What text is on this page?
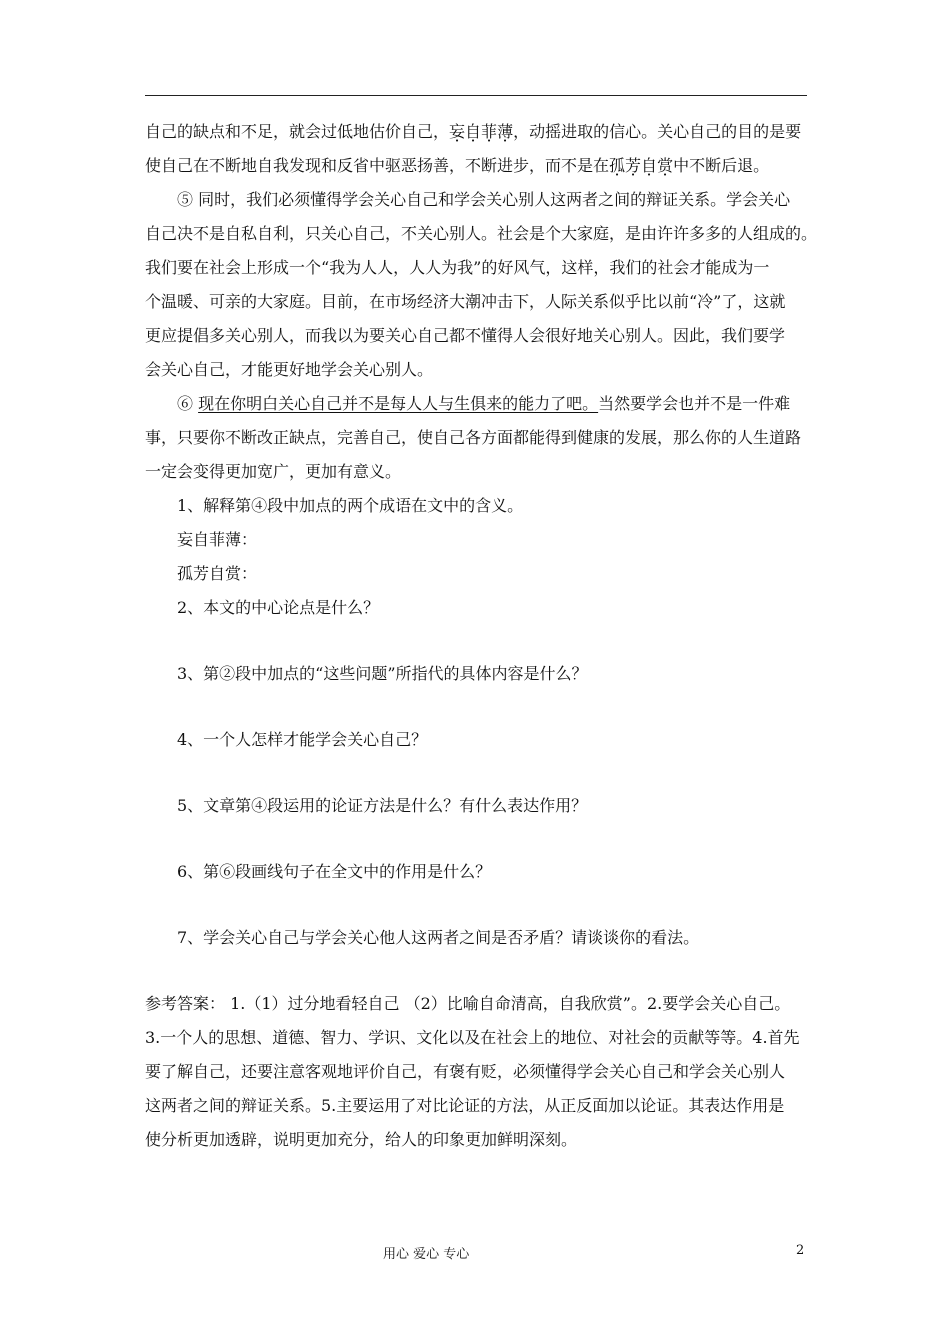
自己的缺点和不足，就会过低地估价自己，妄自菲薄，动摇进取的信心。关心自己的目的是要
使自己在不断地自我发现和反省中驱恶扬善，不断进步，而不是在孤芳自赏中不断后退。
⑤ 同时，我们必须懂得学会关心自己和学会关心别人这两者之间的辩证关系。学会关心
自己决不是自私自利，只关心自己，不关心别人。社会是个大家庭，是由许许多多的人组成的。
我们要在社会上形成一个“我为人人，人人为我”的好风气，这样，我们的社会才能成为一
个温暖、可亲的大家庭。目前，在市场经济大潮冲击下，人际关系似乎比以前“冷”了，这就
更应提倡多关心别人，而我以为要关心自己都不懂得人会很好地关心别人。因此，我们要学
会关心自己，才能更好地学会关心别人。
⑥ 现在你明白关心自己并不是每人人与生俱来的能力了吧。当然要学会也并不是一件难
事，只要你不断改正缺点，完善自己，使自己各方面都能得到健康的发展，那么你的人生道路
一定会变得更加宽广，更加有意义。
1、解释第④段中加点的两个成语在文中的含义。
妄自菲薄：
孤芳自赏：
2、本文的中心论点是什么？
3、第②段中加点的“这些问题”所指代的具体内容是什么？
4、一个人怎样才能学会关心自己？
5、文章第④段运用的论证方法是什么？有什么表达作用？
6、第⑥段画线句子在全文中的作用是什么？
7、学会关心自己与学会关心他人这两者之间是否矛盾？请谈谈你的看法。
参考答案： 1.（1）过分地看轻自己 （2）比喻自命清高，自我欣赏”。2.要学会关心自己。
3.一个人的思想、道德、智力、学识、文化以及在社会上的地位、对社会的贡献等等。4.首先
要了解自己，还要注意客观地评价自己，有褒有贬，必须懂得学会关心自己和学会关心别人
这两者之间的辩证关系。5.主要运用了对比论证的方法，从正反面加以论证。其表达作用是
使分析更加透辟，说明更加充分，给人的印象更加鲜明深刻。
用心 爱心 专心	2
